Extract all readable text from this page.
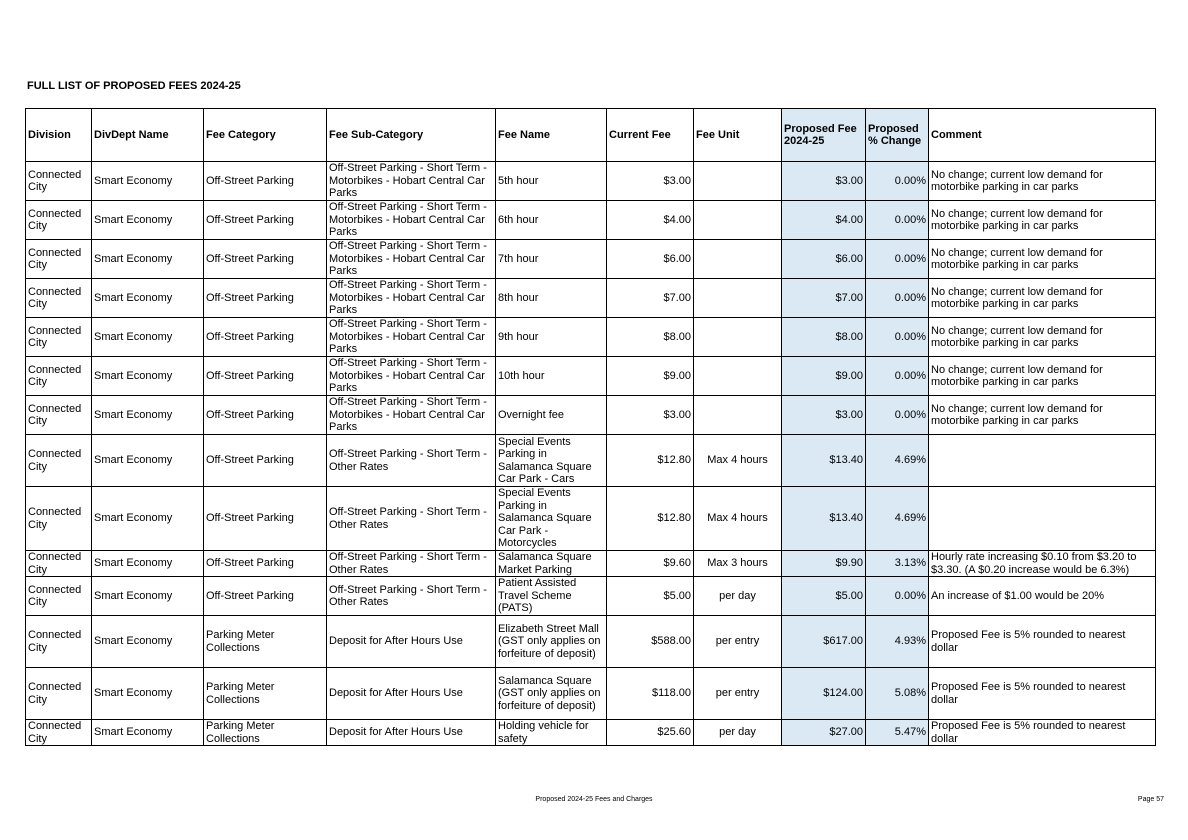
FULL LIST OF PROPOSED FEES 2024-25
Division	DivDept Name	Fee Category	Fee Sub-Category	Fee Name	Current Fee	Fee Unit	Proposed Fee 2024-25	Proposed % Change	Comment
Connected City	Smart Economy	Off-Street Parking	Off-Street Parking - Short Term - Motorbikes - Hobart Central Car Parks	5th hour	$3.00		$3.00	0.00%	No change; current low demand for motorbike parking in car parks
Connected City	Smart Economy	Off-Street Parking	Off-Street Parking - Short Term - Motorbikes - Hobart Central Car Parks	6th hour	$4.00		$4.00	0.00%	No change; current low demand for motorbike parking in car parks
Connected City	Smart Economy	Off-Street Parking	Off-Street Parking - Short Term - Motorbikes - Hobart Central Car Parks	7th hour	$6.00		$6.00	0.00%	No change; current low demand for motorbike parking in car parks
Connected City	Smart Economy	Off-Street Parking	Off-Street Parking - Short Term - Motorbikes - Hobart Central Car Parks	8th hour	$7.00		$7.00	0.00%	No change; current low demand for motorbike parking in car parks
Connected City	Smart Economy	Off-Street Parking	Off-Street Parking - Short Term - Motorbikes - Hobart Central Car Parks	9th hour	$8.00		$8.00	0.00%	No change; current low demand for motorbike parking in car parks
Connected City	Smart Economy	Off-Street Parking	Off-Street Parking - Short Term - Motorbikes - Hobart Central Car Parks	10th hour	$9.00		$9.00	0.00%	No change; current low demand for motorbike parking in car parks
Connected City	Smart Economy	Off-Street Parking	Off-Street Parking - Short Term - Motorbikes - Hobart Central Car Parks	Overnight fee	$3.00		$3.00	0.00%	No change; current low demand for motorbike parking in car parks
Connected City	Smart Economy	Off-Street Parking	Off-Street Parking - Short Term - Other Rates	Special Events Parking in Salamanca Square Car Park - Cars	$12.80	Max 4 hours	$13.40	4.69%	
Connected City	Smart Economy	Off-Street Parking	Off-Street Parking - Short Term - Other Rates	Special Events Parking in Salamanca Square Car Park - Motorcycles	$12.80	Max 4 hours	$13.40	4.69%	
Connected City	Smart Economy	Off-Street Parking	Off-Street Parking - Short Term - Other Rates	Salamanca Square Market Parking	$9.60	Max 3 hours	$9.90	3.13%	Hourly rate increasing $0.10 from $3.20 to $3.30. (A $0.20 increase would be 6.3%)
Connected City	Smart Economy	Off-Street Parking	Off-Street Parking - Short Term - Other Rates	Patient Assisted Travel Scheme (PATS)	$5.00	per day	$5.00	0.00%	An increase of $1.00 would be 20%
Connected City	Smart Economy	Parking Meter Collections	Deposit for After Hours Use	Elizabeth Street Mall (GST only applies on forfeiture of deposit)	$588.00	per entry	$617.00	4.93%	Proposed Fee is 5% rounded to nearest dollar
Connected City	Smart Economy	Parking Meter Collections	Deposit for After Hours Use	Salamanca Square (GST only applies on forfeiture of deposit)	$118.00	per entry	$124.00	5.08%	Proposed Fee is 5% rounded to nearest dollar
Connected City	Smart Economy	Parking Meter Collections	Deposit for After Hours Use	Holding vehicle for safety	$25.60	per day	$27.00	5.47%	Proposed Fee is 5% rounded to nearest dollar
Proposed 2024-25 Fees and Charges	Page 57
